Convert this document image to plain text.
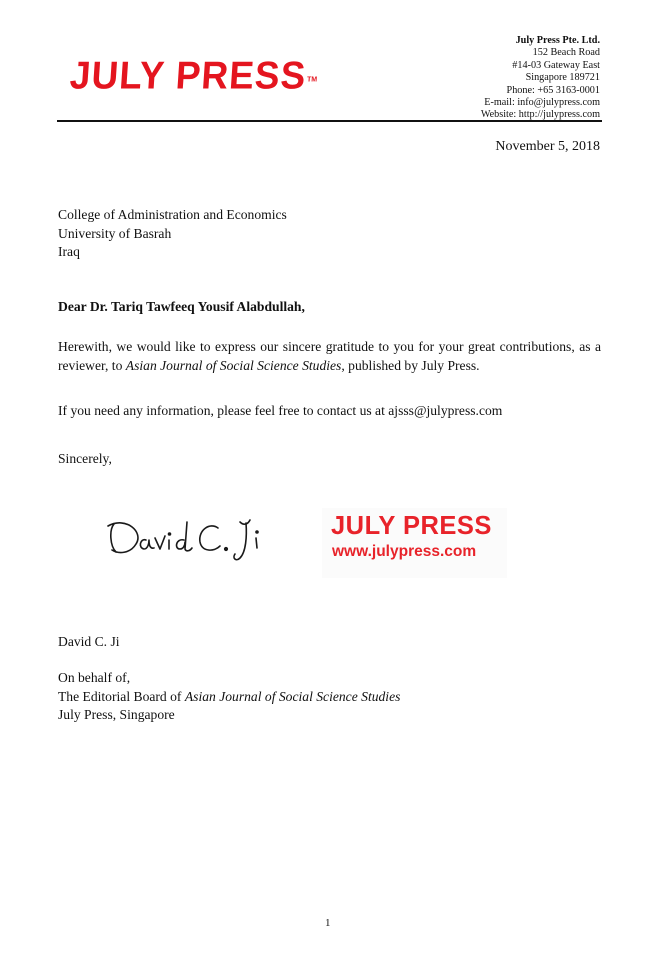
JULY PRESS™
July Press Pte. Ltd.
152 Beach Road
#14-03 Gateway East
Singapore 189721
Phone: +65 3163-0001
E-mail: info@julypress.com
Website: http://julypress.com
November 5, 2018
College of Administration and Economics
University of Basrah
Iraq
Dear Dr. Tariq Tawfeeq Yousif Alabdullah,
Herewith, we would like to express our sincere gratitude to you for your great contributions, as a reviewer, to Asian Journal of Social Science Studies, published by July Press.
If you need any information, please feel free to contact us at ajsss@julypress.com
Sincerely,
JULY PRESS
www.julypress.com
David C. Ji
On behalf of,
The Editorial Board of Asian Journal of Social Science Studies
July Press, Singapore
1
